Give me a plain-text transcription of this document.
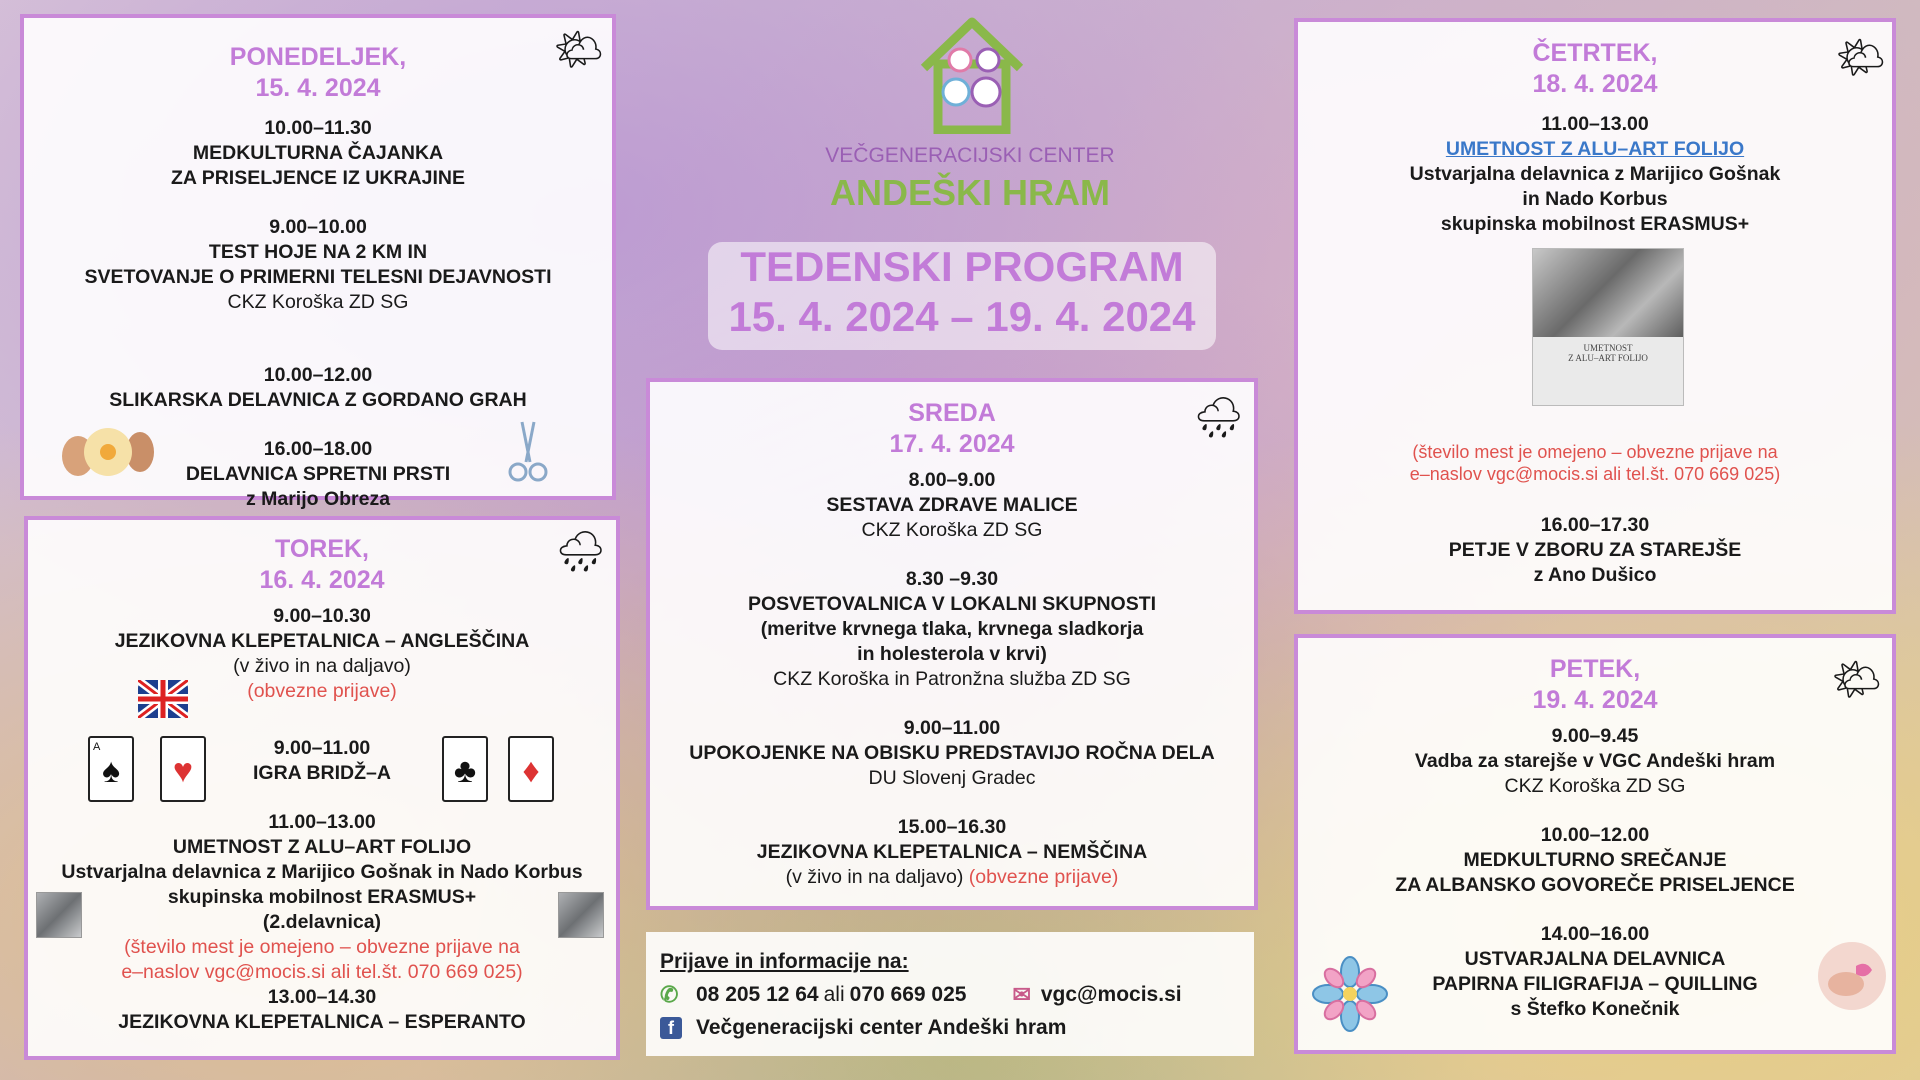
VEČGENERACIJSKI CENTER
ANDEŠKI HRAM
TEDENSKI PROGRAM
15. 4. 2024 – 19. 4. 2024
🌤
PONEDELJEK,
15. 4. 2024
10.00–11.30
MEDKULTURNA ČAJANKA
ZA PRISELJENCE IZ UKRAJINE
9.00–10.00
TEST HOJE NA 2 KM IN
SVETOVANJE O PRIMERNI TELESNI DEJAVNOSTI
CKZ Koroška ZD SG
10.00–12.00
SLIKARSKA DELAVNICA Z GORDANO GRAH
16.00–18.00
DELAVNICA SPRETNI PRSTI
z Marijo Obreza
🌧
TOREK,
16. 4. 2024
9.00–10.30
JEZIKOVNA KLEPETALNICA – ANGLEŠČINA
(v živo in na daljavo)
(obvezne prijave)
9.00–11.00
IGRA BRIDŽ–A
A
♠	♥	♣	♦
11.00–13.00
UMETNOST Z ALU–ART FOLIJO
Ustvarjalna delavnica z Marijico Gošnak in Nado Korbus
skupinska mobilnost ERASMUS+
(2.delavnica)
(število mest je omejeno – obvezne prijave na
e–naslov vgc@mocis.si ali tel.št. 070 669 025)
13.00–14.30
JEZIKOVNA KLEPETALNICA – ESPERANTO
🌧
SREDA
17. 4. 2024
8.00–9.00
SESTAVA ZDRAVE MALICE
CKZ Koroška ZD SG
8.30 –9.30
POSVETOVALNICA V LOKALNI SKUPNOSTI
(meritve krvnega tlaka, krvnega sladkorja
in holesterola v krvi)
CKZ Koroška in Patronžna služba ZD SG
9.00–11.00
UPOKOJENKE NA OBISKU PREDSTAVIJO ROČNA DELA
DU Slovenj Gradec
15.00–16.30
JEZIKOVNA KLEPETALNICA – NEMŠČINA
(v živo in na daljavo) (obvezne prijave)
Prijave in informacije na:
✆ 08 205 12 64 ali 070 669 025 ✉ vgc@mocis.si
f	Večgeneracijski center Andeški hram
🌤
ČETRTEK,
18. 4. 2024
11.00–13.00
UMETNOST Z ALU–ART FOLIJO
Ustvarjalna delavnica z Marijico Gošnak
in Nado Korbus
skupinska mobilnost ERASMUS+
UMETNOST
Z ALU–ART FOLIJO
(število mest je omejeno – obvezne prijave na
e–naslov vgc@mocis.si ali tel.št. 070 669 025)
16.00–17.30
PETJE V ZBORU ZA STAREJŠE
z Ano Dušico
🌤
PETEK,
19. 4. 2024
9.00–9.45
Vadba za starejše v VGC Andeški hram
CKZ Koroška ZD SG
10.00–12.00
MEDKULTURNO SREČANJE
ZA ALBANSKO GOVOREČE PRISELJENCE
14.00–16.00
USTVARJALNA DELAVNICA
PAPIRNA FILIGRAFIJA – QUILLING
s Štefko Konečnik
